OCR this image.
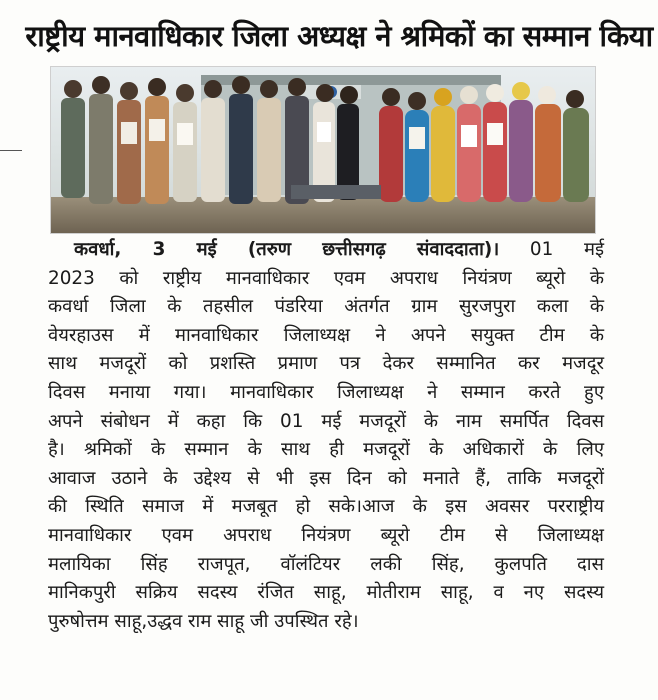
राष्ट्रीय मानवाधिकार जिला अध्यक्ष ने श्रमिकों का सम्मान किया
कवर्धा, 3 मई (तरुण छत्तीसगढ़ संवाददाता)। 01 मई
2023 को राष्ट्रीय मानवाधिकार एवम अपराध नियंत्रण ब्यूरो के
कवर्धा जिला के तहसील पंडरिया अंतर्गत ग्राम सुरजपुरा कला के
वेयरहाउस में मानवाधिकार जिलाध्यक्ष ने अपने सयुक्त टीम के
साथ मजदूरों को प्रशस्ति प्रमाण पत्र देकर सम्मानित कर मजदूर
दिवस मनाया गया। मानवाधिकार जिलाध्यक्ष ने सम्मान करते हुए
अपने संबोधन में कहा कि 01 मई मजदूरों के नाम समर्पित दिवस
है। श्रमिकों के सम्मान के साथ ही मजदूरों के अधिकारों के लिए
आवाज उठाने के उद्देश्य से भी इस दिन को मनाते हैं, ताकि मजदूरों
की स्थिति समाज में मजबूत हो सके।आज के इस अवसर परराष्ट्रीय
मानवाधिकार एवम अपराध नियंत्रण ब्यूरो टीम से जिलाध्यक्ष
मलायिका सिंह राजपूत, वॉलंटियर लकी सिंह, कुलपति दास
मानिकपुरी सक्रिय सदस्य रंजित साहू, मोतीराम साहू, व नए सदस्य
पुरुषोत्तम साहू,उद्धव राम साहू जी उपस्थित रहे।
